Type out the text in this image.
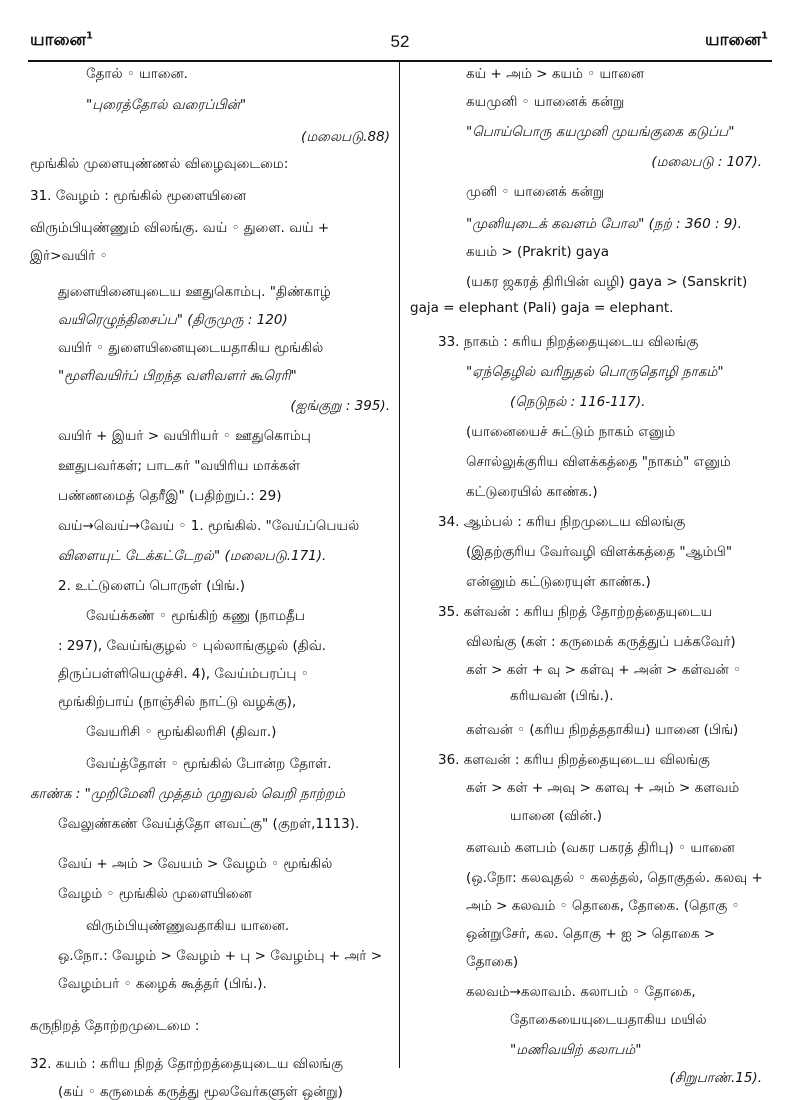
யானை$^1$	52	யானை$^1$
தோல் ◦ யானை.
"புரைத்தோல் வரைப்பின்"
(மலைபடு.88)
மூங்கில் முளையுண்ணல் விழைவுடைமை:
31. வேழம் : மூங்கில் மூளையினை
விரும்பியுண்ணும் விலங்கு. வய் ◦ துளை. வய் +
இர்>வயிர் ◦
துளையினையுடைய ஊதுகொம்பு. "திண்காழ்
வயிரெழுந்திசைப்ப" (திருமுரு : 120)
வயிர் ◦ துளையினையுடையதாகிய மூங்கில்
"மூளிவயிர்ப் பிறந்த வளிவளர் கூரெரி"
(ஐங்குறு : 395).
வயிர் + இயர் > வயிரியர் ◦ ஊதுகொம்பு
ஊதுபவர்கள்; பாடகர் "வயிரிய மாக்கள்
பண்ணமைத் தெரீஇ" (பதிற்றுப்.: 29)
வய்→வெய்→வேய் ◦ 1. மூங்கில். "வேய்ப்பெயல்
விளையுட் டேக்கட்டேறல்" (மலைபடு.171).
2. உட்டுளைப் பொருள் (பிங்.)
வேய்க்கண் ◦ மூங்கிற் கணு (நாமதீப
: 297), வேய்ங்குழல் ◦ புல்லாங்குழல் (திவ்.
திருப்பள்ளியெழுச்சி. 4), வேய்ம்பரப்பு ◦
மூங்கிற்பாய் (நாஞ்சில் நாட்டு வழக்கு),
வேயரிசி ◦ மூங்கிலரிசி (திவா.)
வேய்த்தோள் ◦ மூங்கில் போன்ற தோள்.
காண்க : "முறிமேனி முத்தம் முறுவல் வெறி நாற்றம்
வேலுண்கண் வேய்த்தோ ளவட்கு" (குறள்,1113).
வேய் + அம் > வேயம் > வேழம் ◦ மூங்கில்
வேழம் ◦ மூங்கில் முளையினை
விரும்பியுண்ணுவதாகிய யானை.
ஒ.நோ.: வேழம் > வேழம் + பு > வேழம்பு + அர் >
வேழம்பர் ◦ கழைக் கூத்தர் (பிங்.).
கருநிறத் தோற்றமுடைமை :
32. கயம் : கரிய நிறத் தோற்றத்தையுடைய விலங்கு
(கய் ◦ கருமைக் கருத்து மூலவேர்களுள் ஒன்று)
கய் + அம் > கயம் ◦ யானை
கயமுனி ◦ யானைக் கன்று
"பொய்பொரு கயமுனி முயங்குகை கடுப்ப"
(மலைபடு : 107).
முனி ◦ யானைக் கன்று
"முனியுடைக் கவளம் போல" (நற் : 360 : 9).
கயம் > (Prakrit) gaya
(யகர ஜகரத் திரிபின் வழி) gaya > (Sanskrit)
gaja = elephant (Pali) gaja = elephant.
33. நாகம் : கரிய நிறத்தையுடைய விலங்கு
"ஏந்தெழில் வரிநுதல் பொருதொழி நாகம்"
(நெடுநல் : 116-117).
(யானையைச் சுட்டும் நாகம் எனும்
சொல்லுக்குரிய விளக்கத்தை "நாகம்" எனும்
கட்டுரையில் காண்க.)
34. ஆம்பல் : கரிய நிறமுடைய விலங்கு
(இதற்குரிய வேர்வழி விளக்கத்தை "ஆம்பி"
என்னும் கட்டுரையுள் காண்க.)
35. கள்வன் : கரிய நிறத் தோற்றத்தையுடைய
விலங்கு (கள் : கருமைக் கருத்துப் பக்கவேர்)
கள் > கள் + வு > கள்வு + அன் > கள்வன் ◦
கரியவன் (பிங்.).
கள்வன் ◦ (கரிய நிறத்ததாகிய) யானை (பிங்)
36. களவன் : கரிய நிறத்தையுடைய விலங்கு
கள் > கள் + அவு > களவு + அம் > களவம்
யானை (வின்.)
களவம் களபம் (வகர பகரத் திரிபு) ◦ யானை
(ஒ.நோ: கலவுதல் ◦ கலத்தல், தொகுதல். கலவு +
அம் > கலவம் ◦ தொகை, தோகை. (தொகு ◦
ஒன்றுசேர், கல. தொகு + ஐ > தொகை >
தோகை)
கலவம்→கலாவம். கலாபம் ◦ தோகை,
தோகையையுடையதாகிய மயில்
"மணிவயிற் கலாபம்"
(சிறுபாண்.15).
